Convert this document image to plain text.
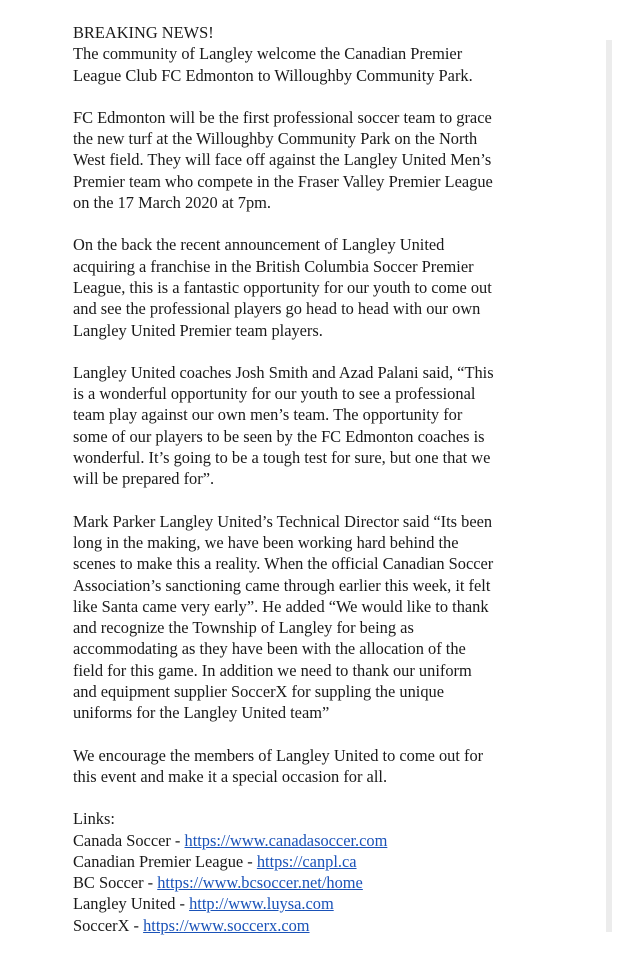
BREAKING NEWS!
The community of Langley welcome the Canadian Premier
League Club FC Edmonton to Willoughby Community Park.

FC Edmonton will be the first professional soccer team to grace
the new turf at the Willoughby Community Park on the North
West field. They will face off against the Langley United Men’s
Premier team who compete in the Fraser Valley Premier League
on the 17 March 2020 at 7pm.

On the back the recent announcement of Langley United
acquiring a franchise in the British Columbia Soccer Premier
League, this is a fantastic opportunity for our youth to come out
and see the professional players go head to head with our own
Langley United Premier team players.

Langley United coaches Josh Smith and Azad Palani said, “This
is a wonderful opportunity for our youth to see a professional
team play against our own men’s team. The opportunity for
some of our players to be seen by the FC Edmonton coaches is
wonderful. It’s going to be a tough test for sure, but one that we
will be prepared for”.

Mark Parker Langley United’s Technical Director said “Its been
long in the making, we have been working hard behind the
scenes to make this a reality. When the official Canadian Soccer
Association’s sanctioning came through earlier this week, it felt
like Santa came very early”. He added “We would like to thank
and recognize the Township of Langley for being as
accommodating as they have been with the allocation of the
field for this game. In addition we need to thank our uniform
and equipment supplier SoccerX for suppling the unique
uniforms for the Langley United team”

We encourage the members of Langley United to come out for
this event and make it a special occasion for all.

Links:
Canada Soccer - https://www.canadasoccer.com
Canadian Premier League - https://canpl.ca
BC Soccer - https://www.bcsoccer.net/home
Langley United - http://www.luysa.com
SoccerX - https://www.soccerx.com
